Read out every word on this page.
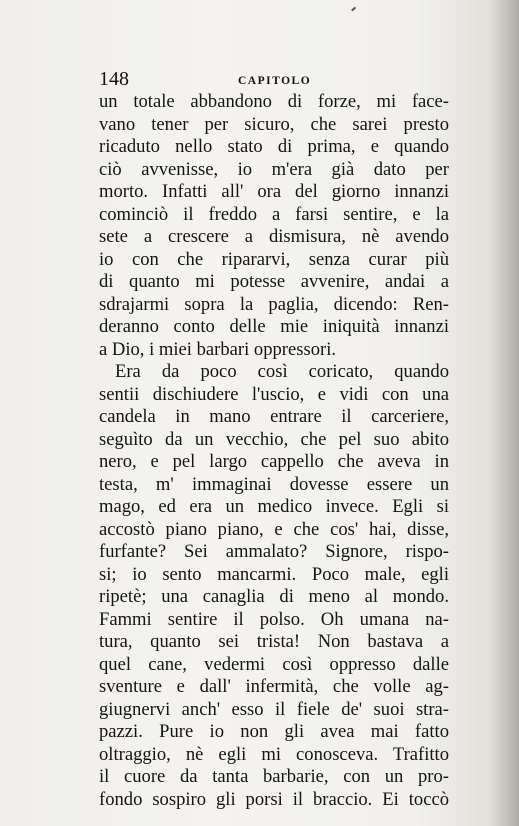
148	CAPITOLO
un totale abbandono di forze, mi face-
vano tener per sicuro, che sarei presto
ricaduto nello stato di prima, e quando
ciò avvenisse, io m'era già dato per
morto. Infatti all' ora del giorno innanzi
cominciò il freddo a farsi sentire, e la
sete a crescere a dismisura, nè avendo
io con che ripararvi, senza curar più
di quanto mi potesse avvenire, andai a
sdrajarmi sopra la paglia, dicendo: Ren-
deranno conto delle mie iniquità innanzi
a Dio, i miei barbari oppressori.
Era da poco così coricato, quando
sentii dischiudere l'uscio, e vidi con una
candela in mano entrare il carceriere,
seguìto da un vecchio, che pel suo abito
nero, e pel largo cappello che aveva in
testa, m' immaginai dovesse essere un
mago, ed era un medico invece. Egli si
accostò piano piano, e che cos' hai, disse,
furfante? Sei ammalato? Signore, rispo-
si; io sento mancarmi. Poco male, egli
ripetè; una canaglia di meno al mondo.
Fammi sentire il polso. Oh umana na-
tura, quanto sei trista! Non bastava a
quel cane, vedermi così oppresso dalle
sventure e dall' infermità, che volle ag-
giugnervi anch' esso il fiele de' suoi stra-
pazzi. Pure io non gli avea mai fatto
oltraggio, nè egli mi conosceva. Trafitto
il cuore da tanta barbarie, con un pro-
fondo sospiro gli porsi il braccio. Ei toccò
